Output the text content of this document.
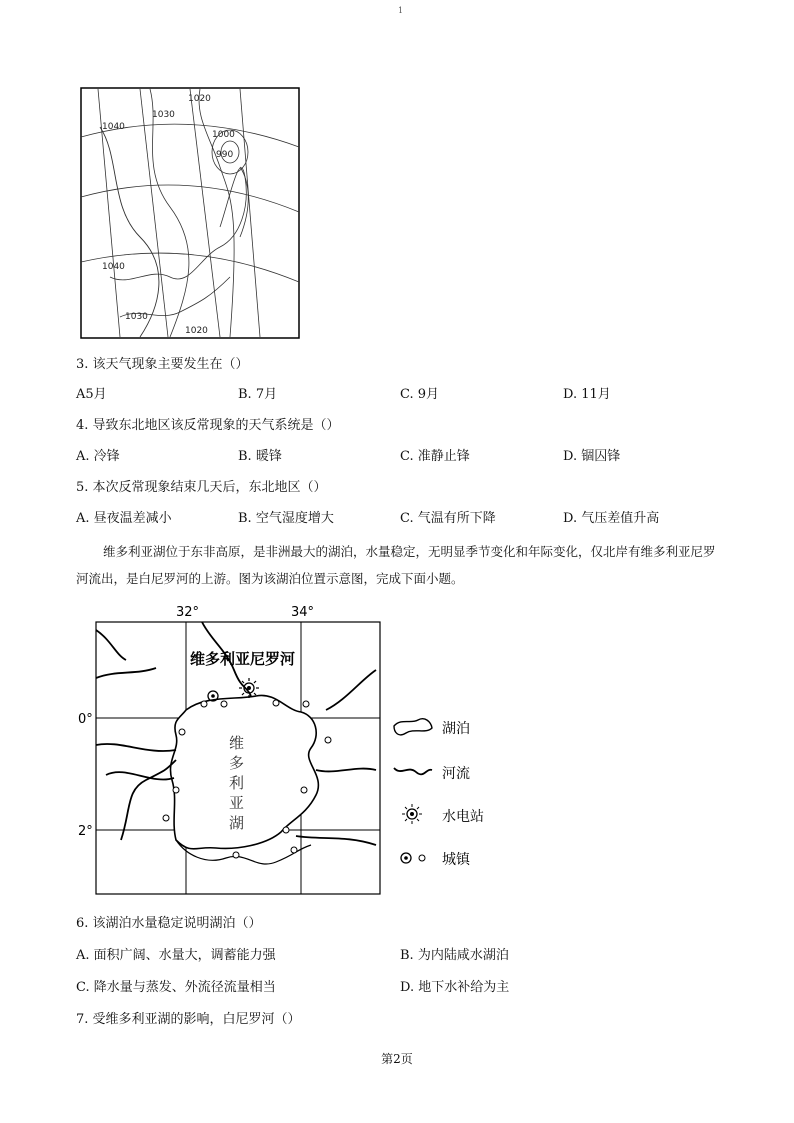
1
1040
1030
1020
1000
990
1040
1030
1020
3. 该天气现象主要发生在（）
A5月	B. 7月	C. 9月	D. 11月
4. 导致东北地区该反常现象的天气系统是（）
A. 冷锋	B. 暖锋	C. 准静止锋	D. 锢囚锋
5. 本次反常现象结束几天后，东北地区（）
A. 昼夜温差减小	B. 空气湿度增大	C. 气温有所下降	D. 气压差值升高

维多利亚湖位于东非高原，是非洲最大的湖泊，水量稳定，无明显季节变化和年际变化，仅北岸有维多利亚尼罗河流出，是白尼罗河的上游。图为该湖泊位置示意图，完成下面小题。

32°	34°
0°
2°
维多利亚尼罗河
维
多
利
亚
湖
湖泊
河流
水电站
城镇
6. 该湖泊水量稳定说明湖泊（）
A. 面积广阔、水量大，调蓄能力强	B. 为内陆咸水湖泊
C. 降水量与蒸发、外流径流量相当	D. 地下水补给为主
7. 受维多利亚湖的影响，白尼罗河（）
第2页
